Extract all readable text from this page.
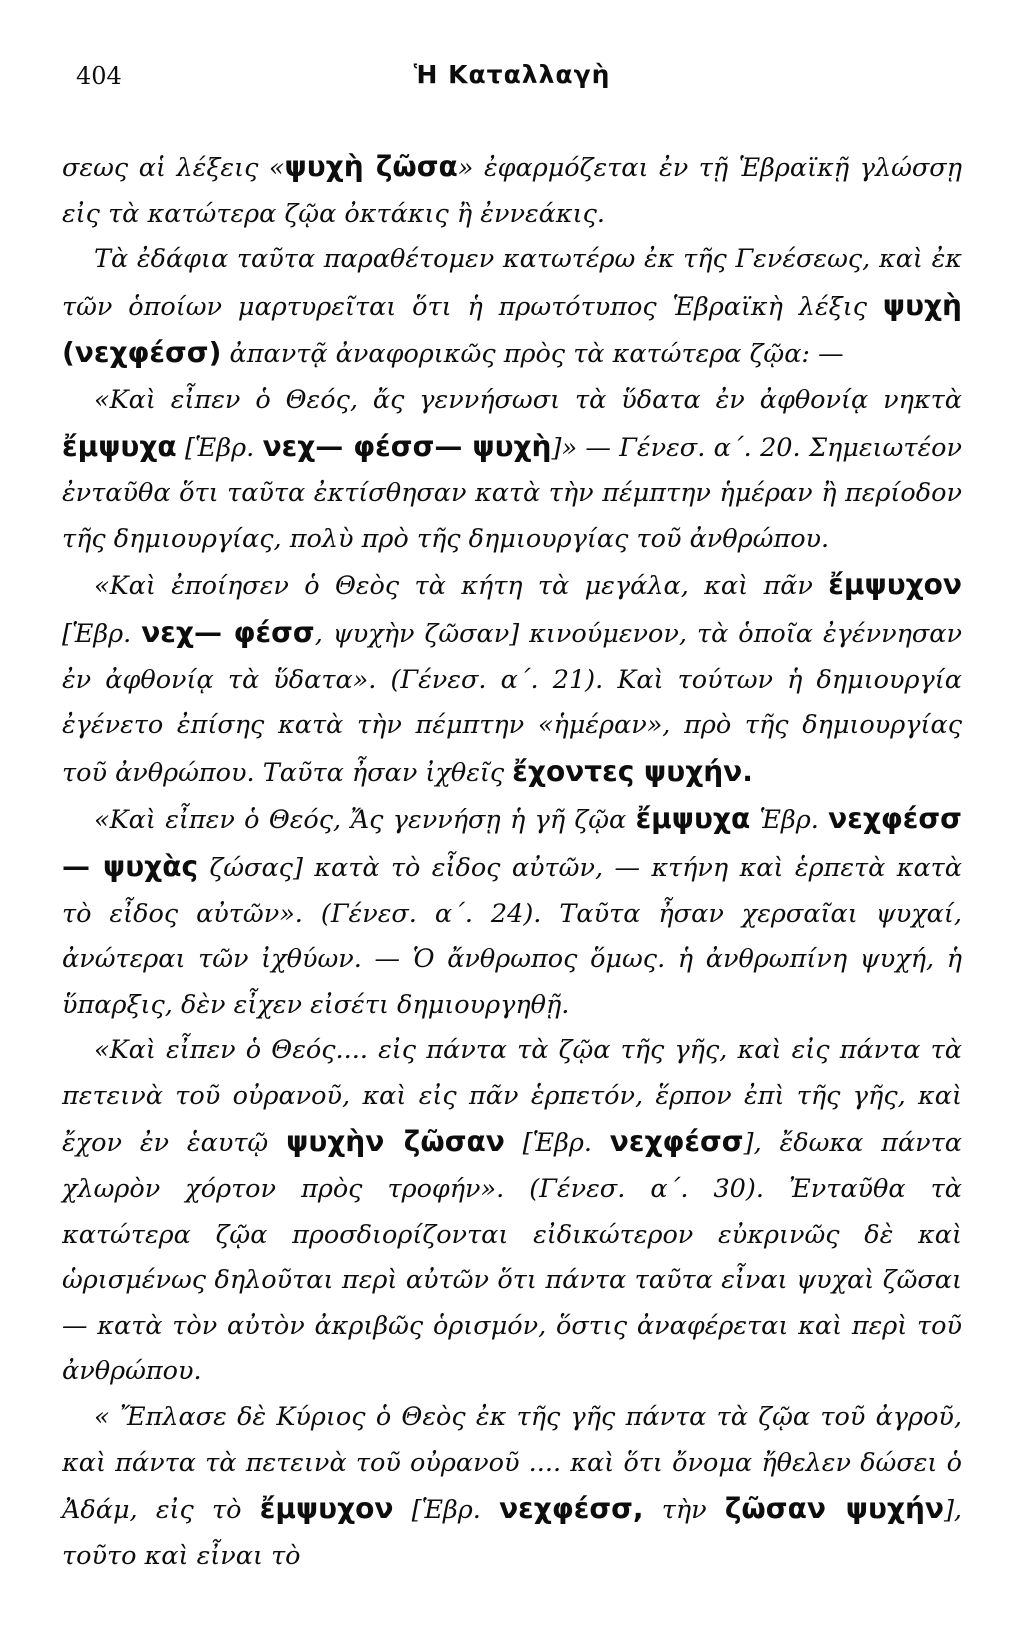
404	Ἡ Καταλλαγὴ

σεως αἱ λέξεις «ψυχὴ ζῶσα» ἐφαρμόζεται ἐν τῇ Ἑβραϊκῇ γλώσσῃ εἰς τὰ κατώτερα ζῷα ὀκτάκις ἢ ἐννεάκις.

Τὰ ἐδάφια ταῦτα παραθέτομεν κατωτέρω ἐκ τῆς Γενέσεως, καὶ ἐκ τῶν ὁποίων μαρτυρεῖται ὅτι ἡ πρωτότυπος Ἑβραϊκὴ λέξις ψυχὴ (νεχφέσσ) ἀπαντᾷ ἀναφορικῶς πρὸς τὰ κατώτερα ζῷα: —

«Καὶ εἶπεν ὁ Θεός, ἄς γεννήσωσι τὰ ὕδατα ἐν ἀφθονίᾳ νηκτὰ ἔμψυχα [Ἑβρ. νεχ— φέσσ— ψυχὴ]» — Γένεσ. α΄. 20. Σημειωτέον ἐνταῦθα ὅτι ταῦτα ἐκτίσθησαν κατὰ τὴν πέμπτην ἡμέραν ἢ περίοδον τῆς δημιουργίας, πολὺ πρὸ τῆς δημιουργίας τοῦ ἀνθρώπου.

«Καὶ ἐποίησεν ὁ Θεὸς τὰ κήτη τὰ μεγάλα, καὶ πᾶν ἔμψυχον [Ἑβρ. νεχ— φέσσ, ψυχὴν ζῶσαν] κινούμενον, τὰ ὁποῖα ἐγέννησαν ἐν ἀφθονίᾳ τὰ ὕδατα». (Γένεσ. α΄. 21). Καὶ τούτων ἡ δημιουργία ἐγένετο ἐπίσης κατὰ τὴν πέμπτην «ἡμέραν», πρὸ τῆς δημιουργίας τοῦ ἀνθρώπου. Ταῦτα ἦσαν ἰχθεῖς ἔχοντες ψυχήν.

«Καὶ εἶπεν ὁ Θεός, Ἄς γεννήσῃ ἡ γῆ ζῷα ἔμψυχα Ἑβρ. νεχφέσσ — ψυχὰς ζώσας] κατὰ τὸ εἶδος αὐτῶν, — κτήνη καὶ ἑρπετὰ κατὰ τὸ εἶδος αὐτῶν». (Γένεσ. α΄. 24). Ταῦτα ἦσαν χερσαῖαι ψυχαί, ἀνώτεραι τῶν ἰχθύων. — Ὁ ἄνθρωπος ὅμως. ἡ ἀνθρωπίνη ψυχή, ἡ ὕπαρξις, δὲν εἶχεν εἰσέτι δημιουργηθῇ.

«Καὶ εἶπεν ὁ Θεός.... εἰς πάντα τὰ ζῷα τῆς γῆς, καὶ εἰς πάντα τὰ πετεινὰ τοῦ οὐρανοῦ, καὶ εἰς πᾶν ἑρπετόν, ἕρπον ἐπὶ τῆς γῆς, καὶ ἔχον ἐν ἑαυτῷ ψυχὴν ζῶσαν [Ἑβρ. νεχφέσσ], ἔδωκα πάντα χλωρὸν χόρτον πρὸς τροφήν». (Γένεσ. α΄. 30). Ἐνταῦθα τὰ κατώτερα ζῷα προσδιορίζονται εἰδικώτερον εὐκρινῶς δὲ καὶ ὡρισμένως δηλοῦται περὶ αὐτῶν ὅτι πάντα ταῦτα εἶναι ψυχαὶ ζῶσαι — κατὰ τὸν αὐτὸν ἀκριβῶς ὁρισμόν, ὅστις ἀναφέρεται καὶ περὶ τοῦ ἀνθρώπου.

« Ἔπλασε δὲ Κύριος ὁ Θεὸς ἐκ τῆς γῆς πάντα τὰ ζῷα τοῦ ἀγροῦ, καὶ πάντα τὰ πετεινὰ τοῦ οὐρανοῦ .... καὶ ὅτι ὄνομα ἤθελεν δώσει ὁ Ἀδάμ, εἰς τὸ ἔμψυχον [Ἑβρ. νεχφέσσ, τὴν ζῶσαν ψυχήν], τοῦτο καὶ εἶναι τὸ
